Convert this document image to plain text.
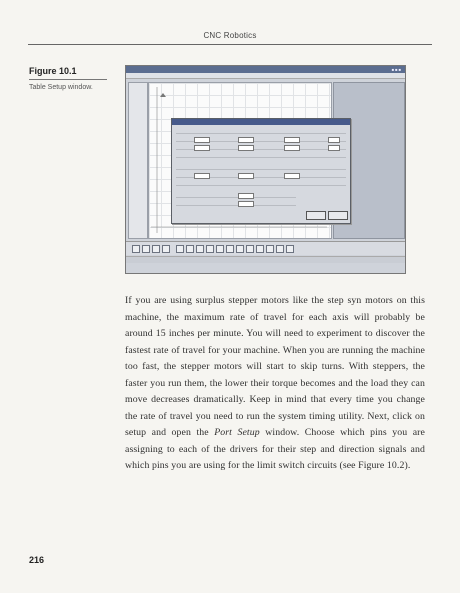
CNC Robotics
Figure 10.1
Table Setup window.
■■■
If you are using surplus stepper motors like the step syn motors on this machine, the maximum rate of travel for each axis will probably be around 15 inches per minute. You will need to experiment to discover the fastest rate of travel for your machine. When you are running the machine too fast, the stepper motors will start to skip turns. With steppers, the faster you run them, the lower their torque becomes and the load they can move decreases dramatically. Keep in mind that every time you change the rate of travel you need to run the system timing utility. Next, click on setup and open the Port Setup window. Choose which pins you are assigning to each of the drivers for their step and direction signals and which pins you are using for the limit switch circuits (see Figure 10.2).
216
